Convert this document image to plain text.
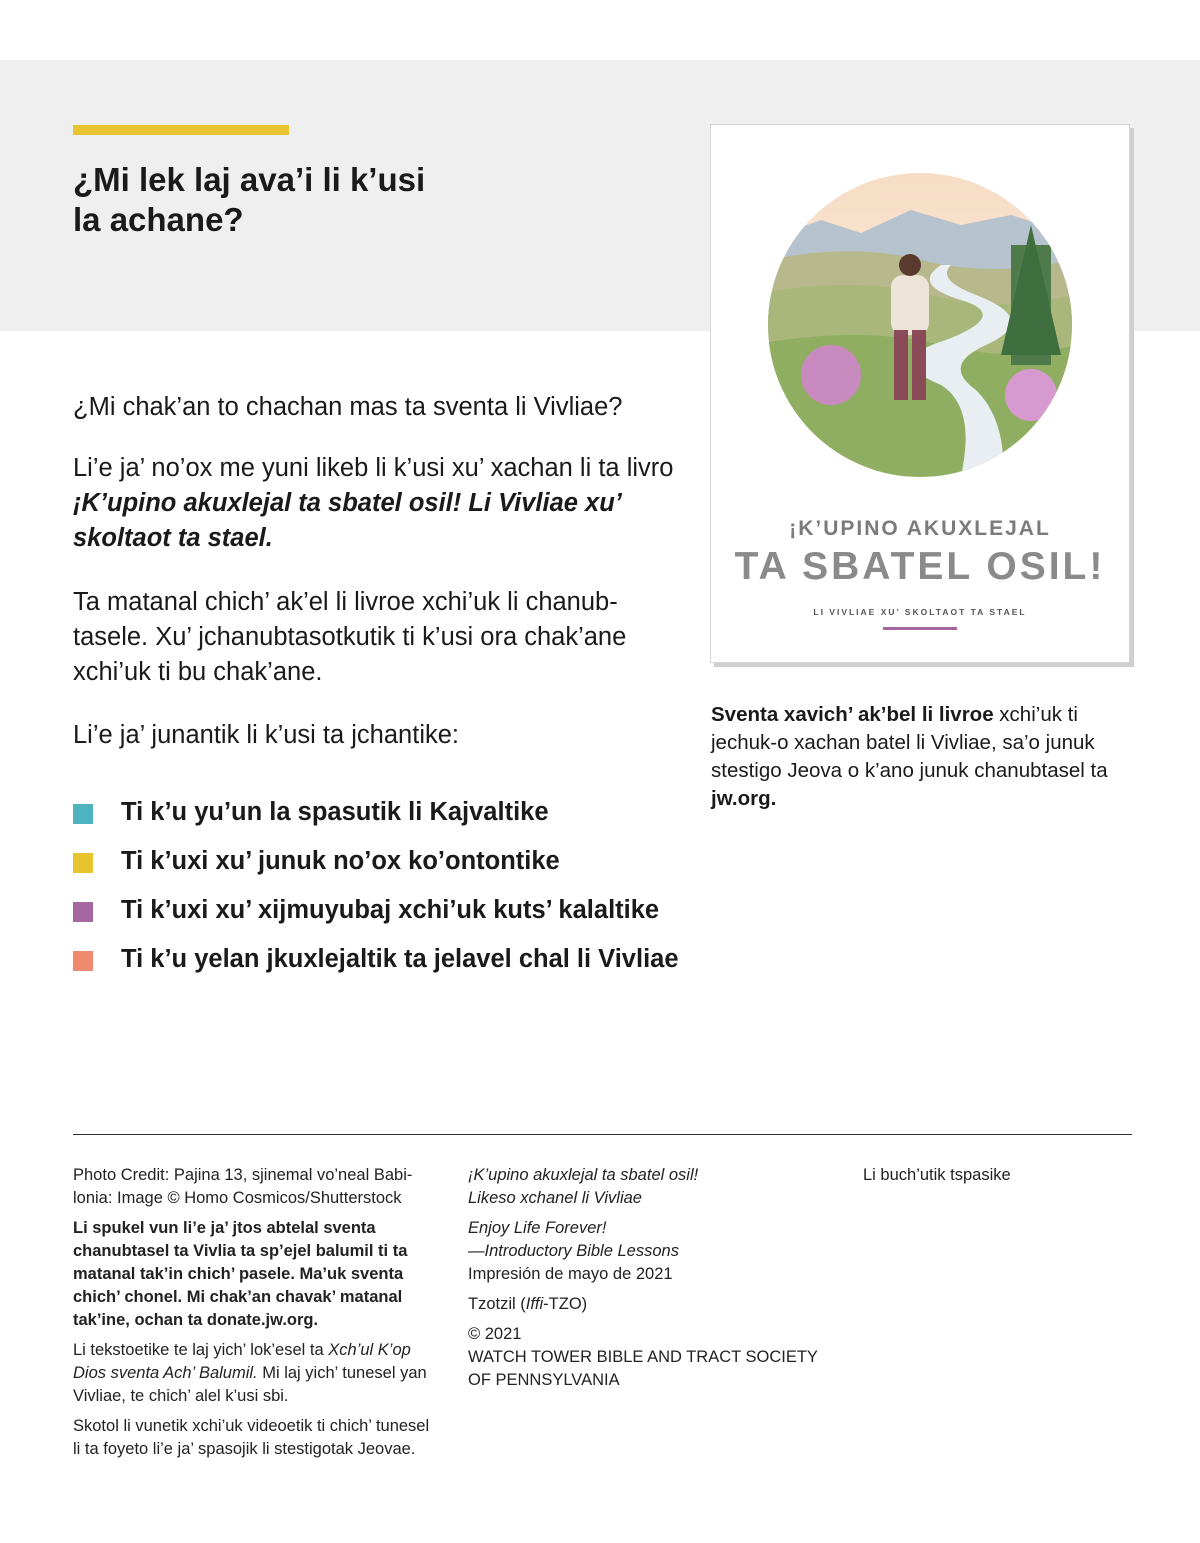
¿Mi lek laj ava’i li k’usi
la achane?

¿Mi chak’an to chachan mas ta sventa li Vivliae?

Li’e ja’ no’ox me yuni likeb li k’usi xu’ xachan li ta livro ¡K’upino akuxlejal ta sbatel osil! Li Vivliae xu’ skoltaot ta stael.

Ta matanal chich’ ak’el li livroe xchi’uk li chanubtasele. Xu’ jchanubtasotkutik ti k’usi ora chak’ane xchi’uk ti bu chak’ane.

Li’e ja’ junantik li k’usi ta jchantike:

Ti k’u yu’un la spasutik li Kajvaltike
Ti k’uxi xu’ junuk no’ox ko’ontontike
Ti k’uxi xu’ xijmuyubaj xchi’uk kuts’ kalaltike
Ti k’u yelan jkuxlejaltik ta jelavel chal li Vivliae
¡K’UPINO AKUXLEJAL
TA SBATEL OSIL!
LI VIVLIAE XU’ SKOLTAOT TA STAEL

Sventa xavich’ ak’bel li livroe xchi’uk ti jechuk-o xachan batel li Vivliae, sa’o junuk stestigo Jeova o k’ano junuk chanubtasel ta jw.org.

Photo Credit: Pajina 13, sjinemal vo’neal Babilonia: Image © Homo Cosmicos/Shutterstock

Li spukel vun li’e ja’ jtos abtelal sventa chanubtasel ta Vivlia ta sp’ejel balumil ti ta matanal tak’in chich’ pasele. Ma’uk sventa chich’ chonel. Mi chak’an chavak’ matanal tak’ine, ochan ta donate.jw.org.

Li tekstoetike te laj yich’ lok’esel ta Xch’ul K’op Dios sventa Ach’ Balumil. Mi laj yich’ tunesel yan Vivliae, te chich’ alel k’usi sbi.

Skotol li vunetik xchi’uk videoetik ti chich’ tunesel li ta foyeto li’e ja’ spasojik li stestigotak Jeovae.

¡K’upino akuxlejal ta sbatel osil!
Likeso xchanel li Vivliae

Enjoy Life Forever!
—Introductory Bible Lessons
Impresión de mayo de 2021

Tzotzil (Iffi-TZO)

© 2021
WATCH TOWER BIBLE AND TRACT SOCIETY
OF PENNSYLVANIA

Li buch’utik tspasike
